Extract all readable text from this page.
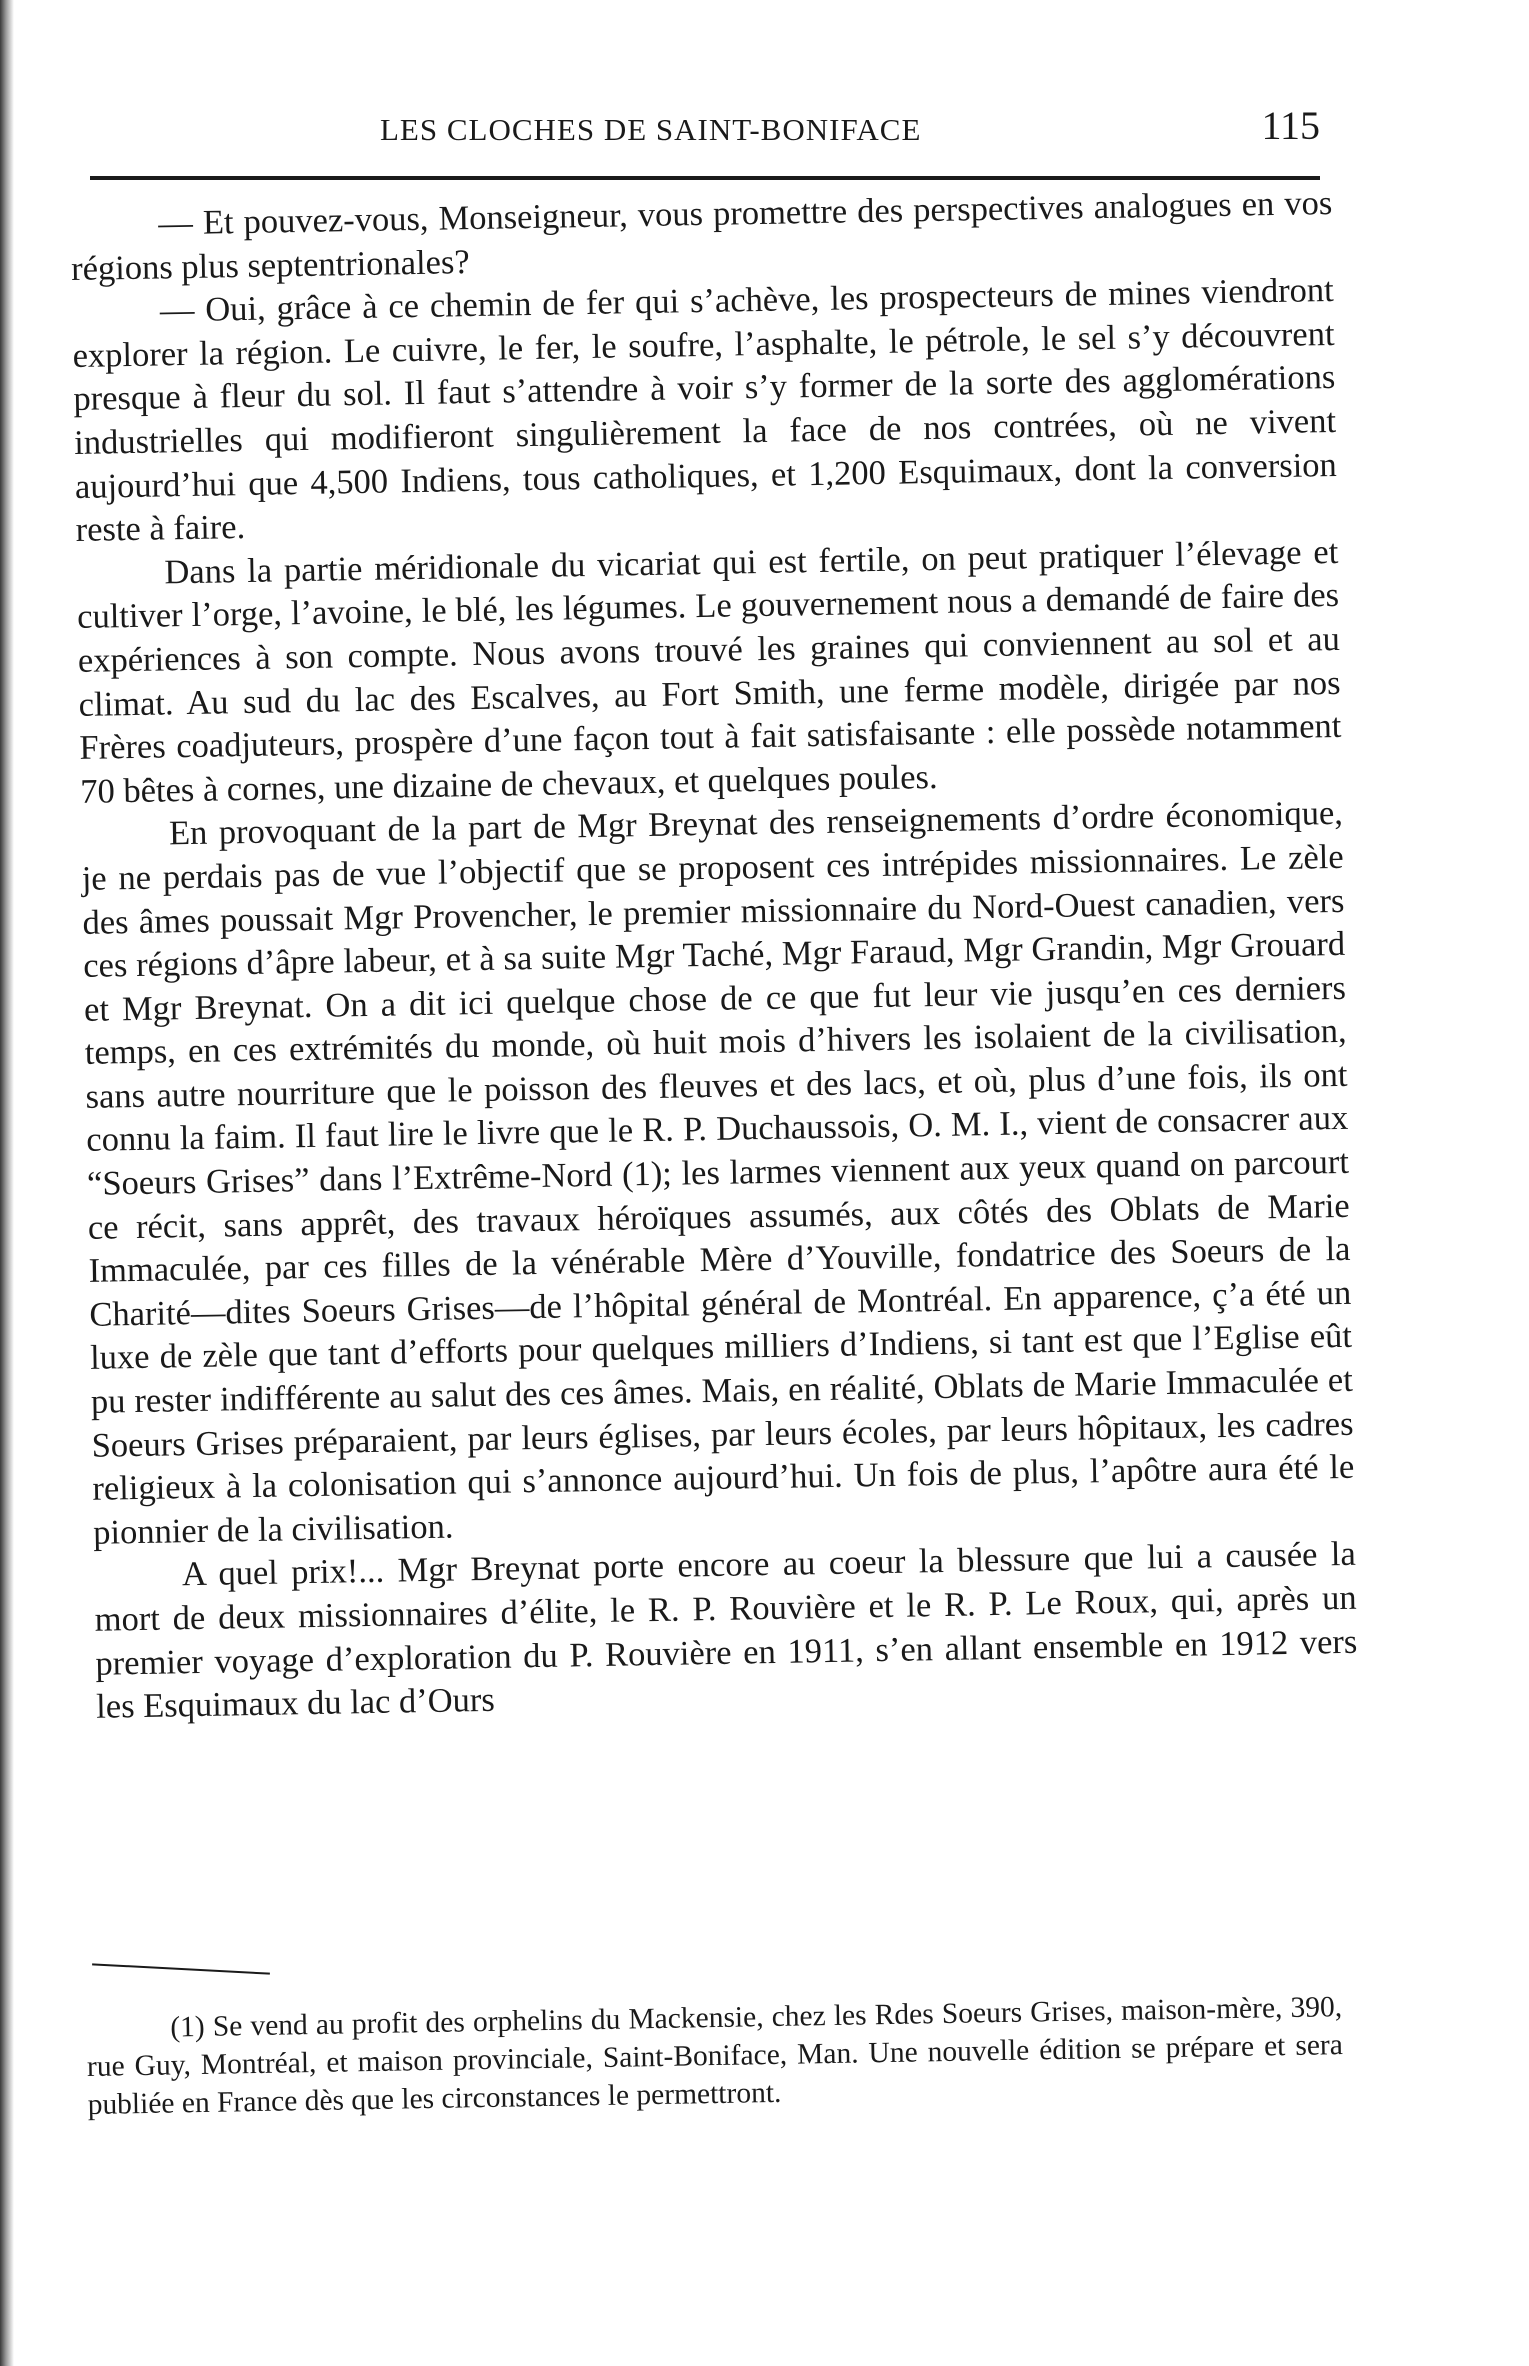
LES CLOCHES DE SAINT-BONIFACE	115

— Et pouvez-vous, Monseigneur, vous promettre des perspectives analogues en vos régions plus septentrionales?

— Oui, grâce à ce chemin de fer qui s’achève, les prospecteurs de mines viendront explorer la région. Le cuivre, le fer, le soufre, l’asphalte, le pétrole, le sel s’y découvrent presque à fleur du sol. Il faut s’attendre à voir s’y former de la sorte des agglomérations industrielles qui modifieront singulièrement la face de nos contrées, où ne vivent aujourd’hui que 4,500 Indiens, tous catholiques, et 1,200 Esquimaux, dont la conversion reste à faire.

Dans la partie méridionale du vicariat qui est fertile, on peut pratiquer l’élevage et cultiver l’orge, l’avoine, le blé, les légumes. Le gouvernement nous a demandé de faire des expériences à son compte. Nous avons trouvé les graines qui conviennent au sol et au climat. Au sud du lac des Escalves, au Fort Smith, une ferme modèle, dirigée par nos Frères coadjuteurs, prospère d’une façon tout à fait satisfaisante : elle possède notamment 70 bêtes à cornes, une dizaine de chevaux, et quelques poules.

En provoquant de la part de Mgr Breynat des renseignements d’ordre économique, je ne perdais pas de vue l’objectif que se proposent ces intrépides missionnaires. Le zèle des âmes poussait Mgr Provencher, le premier missionnaire du Nord-Ouest canadien, vers ces régions d’âpre labeur, et à sa suite Mgr Taché, Mgr Faraud, Mgr Grandin, Mgr Grouard et Mgr Breynat. On a dit ici quelque chose de ce que fut leur vie jusqu’en ces derniers temps, en ces extrémités du monde, où huit mois d’hivers les isolaient de la civilisation, sans autre nourriture que le poisson des fleuves et des lacs, et où, plus d’une fois, ils ont connu la faim. Il faut lire le livre que le R. P. Duchaussois, O. M. I., vient de consacrer aux “Soeurs Grises” dans l’Extrême-Nord (1); les larmes viennent aux yeux quand on parcourt ce récit, sans apprêt, des travaux héroïques assumés, aux côtés des Oblats de Marie Immaculée, par ces filles de la vénérable Mère d’Youville, fondatrice des Soeurs de la Charité—dites Soeurs Grises—de l’hôpital général de Montréal. En apparence, ç’a été un luxe de zèle que tant d’efforts pour quelques milliers d’Indiens, si tant est que l’Eglise eût pu rester indifférente au salut des ces âmes. Mais, en réalité, Oblats de Marie Immaculée et Soeurs Grises préparaient, par leurs églises, par leurs écoles, par leurs hôpitaux, les cadres religieux à la colonisation qui s’annonce aujourd’hui. Un fois de plus, l’apôtre aura été le pionnier de la civilisation.

A quel prix!... Mgr Breynat porte encore au coeur la blessure que lui a causée la mort de deux missionnaires d’élite, le R. P. Rouvière et le R. P. Le Roux, qui, après un premier voyage d’exploration du P. Rouvière en 1911, s’en allant ensemble en 1912 vers les Esquimaux du lac d’Ours

(1) Se vend au profit des orphelins du Mackensie, chez les Rdes Soeurs Grises, maison-mère, 390, rue Guy, Montréal, et maison provinciale, Saint-Boniface, Man. Une nouvelle édition se prépare et sera publiée en France dès que les circonstances le permettront.
